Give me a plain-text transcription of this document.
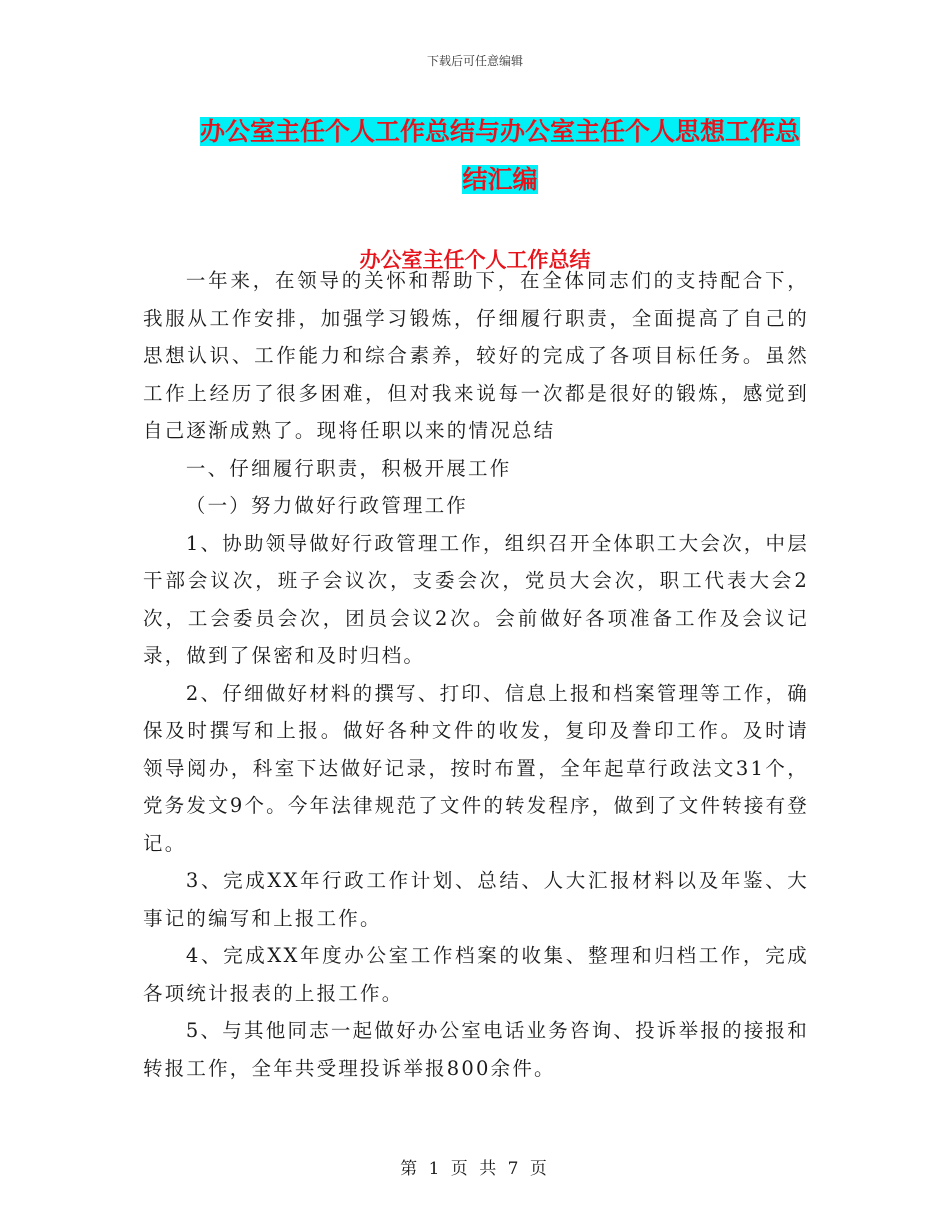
下载后可任意编辑
办公室主任个人工作总结与办公室主任个人思想工作总结汇编
办公室主任个人工作总结

一年来，在领导的关怀和帮助下，在全体同志们的支持配合下，我服从工作安排，加强学习锻炼，仔细履行职责，全面提高了自己的思想认识、工作能力和综合素养，较好的完成了各项目标任务。虽然工作上经历了很多困难，但对我来说每一次都是很好的锻炼，感觉到自己逐渐成熟了。现将任职以来的情况总结

一、仔细履行职责，积极开展工作

（一）努力做好行政管理工作

1、协助领导做好行政管理工作，组织召开全体职工大会次，中层干部会议次，班子会议次，支委会次，党员大会次，职工代表大会2次，工会委员会次，团员会议2次。会前做好各项准备工作及会议记录，做到了保密和及时归档。

2、仔细做好材料的撰写、打印、信息上报和档案管理等工作，确保及时撰写和上报。做好各种文件的收发，复印及誊印工作。及时请领导阅办，科室下达做好记录，按时布置，全年起草行政法文31个，党务发文9个。今年法律规范了文件的转发程序，做到了文件转接有登记。

3、完成XX年行政工作计划、总结、人大汇报材料以及年鉴、大事记的编写和上报工作。

4、完成XX年度办公室工作档案的收集、整理和归档工作，完成各项统计报表的上报工作。

5、与其他同志一起做好办公室电话业务咨询、投诉举报的接报和转报工作，全年共受理投诉举报800余件。

第 1 页 共 7 页
